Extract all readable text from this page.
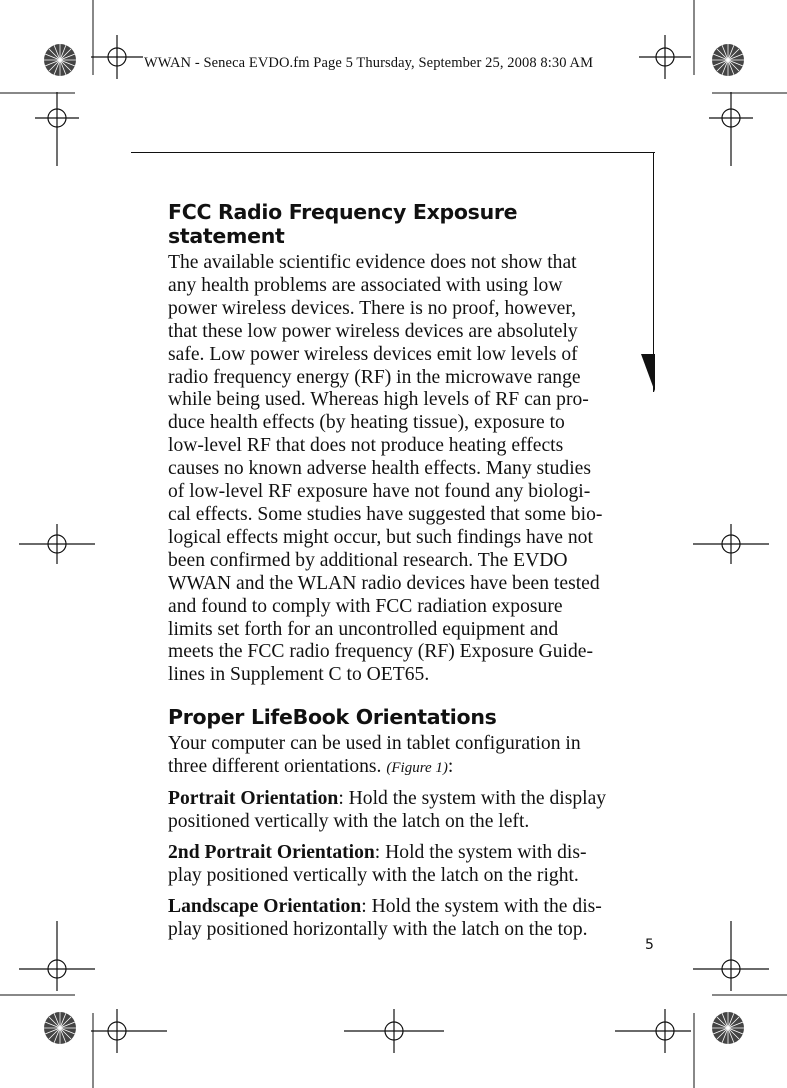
WWAN - Seneca EVDO.fm Page 5 Thursday, September 25, 2008 8:30 AM
FCC Radio Frequency Exposure statement

The available scientific evidence does not show that
any health problems are associated with using low
power wireless devices. There is no proof, however,
that these low power wireless devices are absolutely
safe. Low power wireless devices emit low levels of
radio frequency energy (RF) in the microwave range
while being used. Whereas high levels of RF can pro-
duce health effects (by heating tissue), exposure to
low-level RF that does not produce heating effects
causes no known adverse health effects. Many studies
of low-level RF exposure have not found any biologi-
cal effects. Some studies have suggested that some bio-
logical effects might occur, but such findings have not
been confirmed by additional research. The EVDO
WWAN and the WLAN radio devices have been tested
and found to comply with FCC radiation exposure
limits set forth for an uncontrolled equipment and
meets the FCC radio frequency (RF) Exposure Guide-
lines in Supplement C to OET65.

Proper LifeBook Orientations

Your computer can be used in tablet configuration in
three different orientations. (Figure 1):

Portrait Orientation: Hold the system with the display
positioned vertically with the latch on the left.

2nd Portrait Orientation: Hold the system with dis-
play positioned vertically with the latch on the right.

Landscape Orientation: Hold the system with the dis-
play positioned horizontally with the latch on the top.

5
